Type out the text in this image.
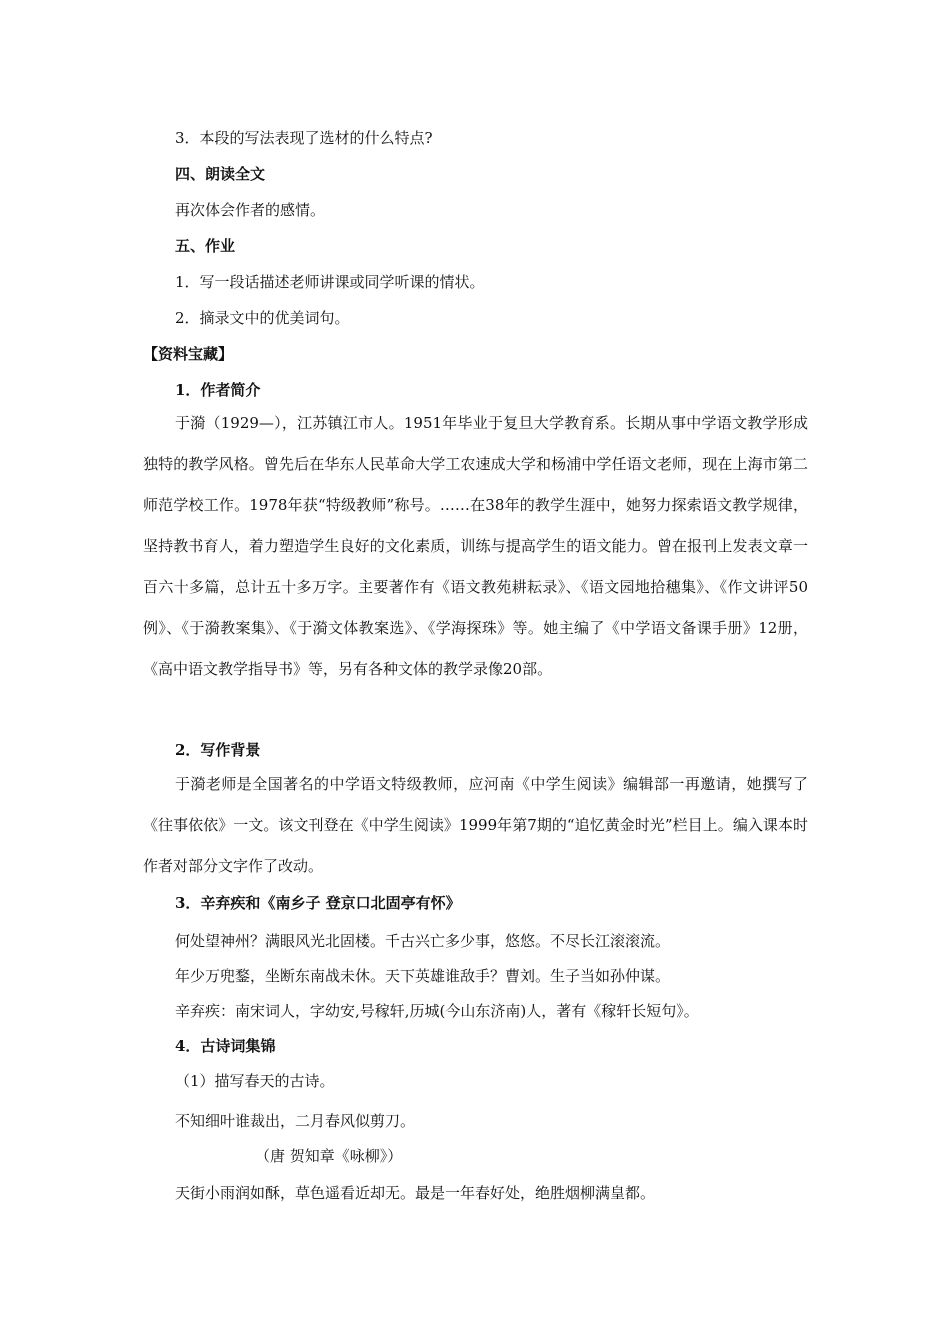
3．本段的写法表现了选材的什么特点?
四、朗读全文
再次体会作者的感情。
五、作业
1．写一段话描述老师讲课或同学听课的情状。
2．摘录文中的优美词句。
【资料宝藏】
1．作者简介
于漪（1929—），江苏镇江市人。1951年毕业于复旦大学教育系。长期从事中学语文教学形成独特的教学风格。曾先后在华东人民革命大学工农速成大学和杨浦中学任语文老师，现在上海市第二师范学校工作。1978年获“特级教师”称号。……在38年的教学生涯中，她努力探索语文教学规律，坚持教书育人，着力塑造学生良好的文化素质，训练与提高学生的语文能力。曾在报刊上发表文章一百六十多篇，总计五十多万字。主要著作有《语文教苑耕耘录》、《语文园地拾穗集》、《作文讲评50例》、《于漪教案集》、《于漪文体教案选》、《学海探珠》等。她主编了《中学语文备课手册》12册，《高中语文教学指导书》等，另有各种文体的教学录像20部。
2．写作背景
于漪老师是全国著名的中学语文特级教师，应河南《中学生阅读》编辑部一再邀请，她撰写了《往事依依》一文。该文刊登在《中学生阅读》1999年第7期的“追忆黄金时光”栏目上。编入课本时作者对部分文字作了改动。
3．辛弃疾和《南乡子 登京口北固亭有怀》
何处望神州？满眼风光北固楼。千古兴亡多少事，悠悠。不尽长江滚滚流。
年少万兜鍪，坐断东南战未休。天下英雄谁敌手？曹刘。生子当如孙仲谋。
辛弃疾：南宋词人，字幼安,号稼轩,历城(今山东济南)人，著有《稼轩长短句》。
4．古诗词集锦
（1）描写春天的古诗。
不知细叶谁裁出，二月春风似剪刀。
（唐 贺知章《咏柳》）
天街小雨润如酥，草色遥看近却无。最是一年春好处，绝胜烟柳满皇都。
